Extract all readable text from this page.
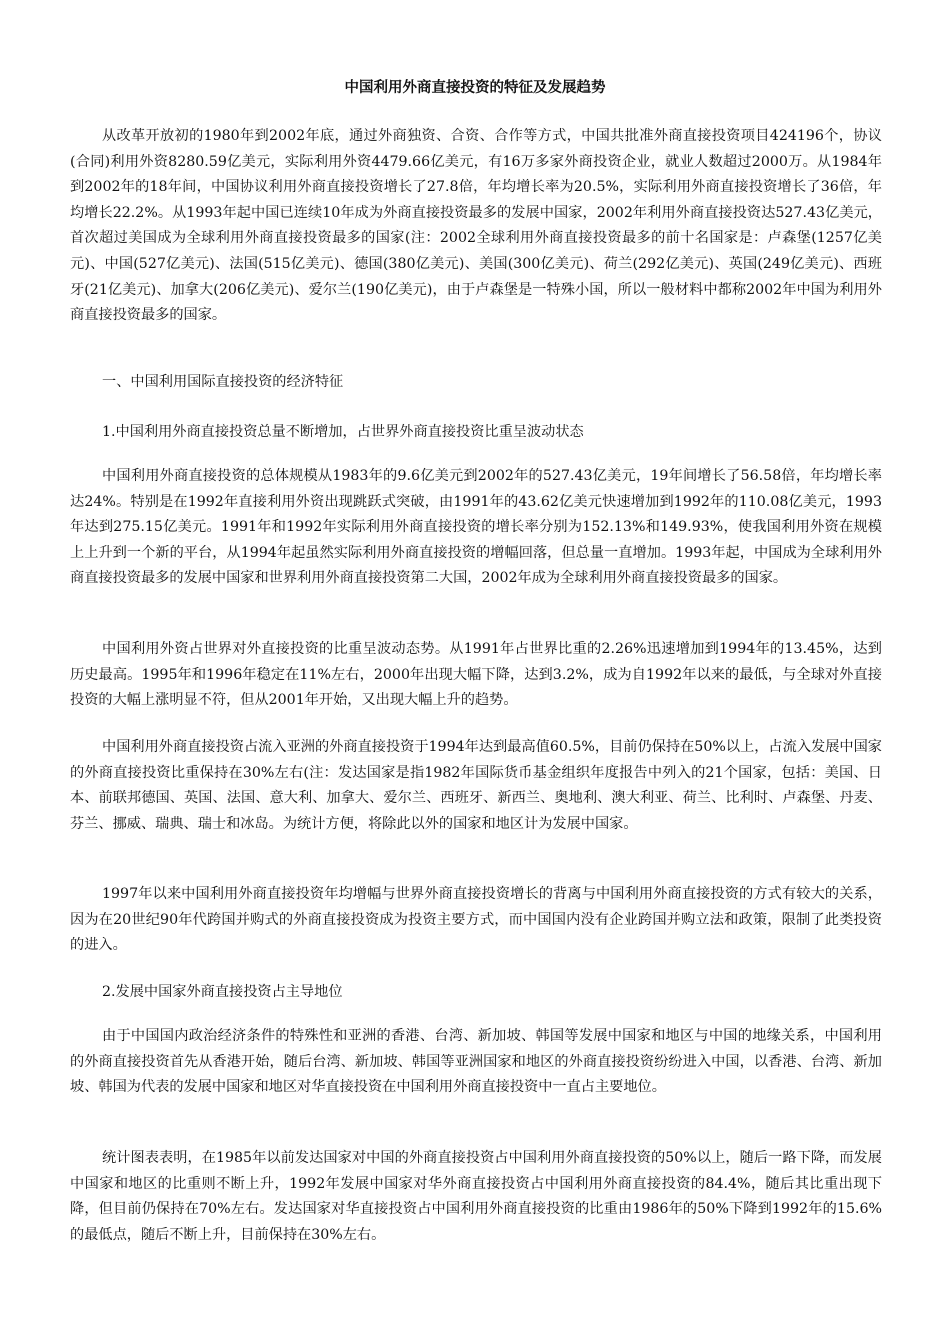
中国利用外商直接投资的特征及发展趋势

从改革开放初的1980年到2002年底，通过外商独资、合资、合作等方式，中国共批准外商直接投资项目424196个，协议(合同)利用外资8280.59亿美元，实际利用外资4479.66亿美元，有16万多家外商投资企业，就业人数超过2000万。从1984年到2002年的18年间，中国协议利用外商直接投资增长了27.8倍，年均增长率为20.5%，实际利用外商直接投资增长了36倍，年均增长22.2%。从1993年起中国已连续10年成为外商直接投资最多的发展中国家，2002年利用外商直接投资达527.43亿美元，首次超过美国成为全球利用外商直接投资最多的国家(注：2002全球利用外商直接投资最多的前十名国家是：卢森堡(1257亿美元)、中国(527亿美元)、法国(515亿美元)、德国(380亿美元)、美国(300亿美元)、荷兰(292亿美元)、英国(249亿美元)、西班牙(21亿美元)、加拿大(206亿美元)、爱尔兰(190亿美元)，由于卢森堡是一特殊小国，所以一般材料中都称2002年中国为利用外商直接投资最多的国家。

一、中国利用国际直接投资的经济特征
1.中国利用外商直接投资总量不断增加，占世界外商直接投资比重呈波动状态

中国利用外商直接投资的总体规模从1983年的9.6亿美元到2002年的527.43亿美元，19年间增长了56.58倍，年均增长率达24%。特别是在1992年直接利用外资出现跳跃式突破，由1991年的43.62亿美元快速增加到1992年的110.08亿美元，1993年达到275.15亿美元。1991年和1992年实际利用外商直接投资的增长率分别为152.13%和149.93%，使我国利用外资在规模上上升到一个新的平台，从1994年起虽然实际利用外商直接投资的增幅回落，但总量一直增加。1993年起，中国成为全球利用外商直接投资最多的发展中国家和世界利用外商直接投资第二大国，2002年成为全球利用外商直接投资最多的国家。

中国利用外资占世界对外直接投资的比重呈波动态势。从1991年占世界比重的2.26%迅速增加到1994年的13.45%，达到历史最高。1995年和1996年稳定在11%左右，2000年出现大幅下降，达到3.2%，成为自1992年以来的最低，与全球对外直接投资的大幅上涨明显不符，但从2001年开始，又出现大幅上升的趋势。

中国利用外商直接投资占流入亚洲的外商直接投资于1994年达到最高值60.5%，目前仍保持在50%以上，占流入发展中国家的外商直接投资比重保持在30%左右(注：发达国家是指1982年国际货币基金组织年度报告中列入的21个国家，包括：美国、日本、前联邦德国、英国、法国、意大利、加拿大、爱尔兰、西班牙、新西兰、奥地利、澳大利亚、荷兰、比利时、卢森堡、丹麦、芬兰、挪威、瑞典、瑞士和冰岛。为统计方便，将除此以外的国家和地区计为发展中国家。

1997年以来中国利用外商直接投资年均增幅与世界外商直接投资增长的背离与中国利用外商直接投资的方式有较大的关系，因为在20世纪90年代跨国并购式的外商直接投资成为投资主要方式，而中国国内没有企业跨国并购立法和政策，限制了此类投资的进入。

2.发展中国家外商直接投资占主导地位

由于中国国内政治经济条件的特殊性和亚洲的香港、台湾、新加坡、韩国等发展中国家和地区与中国的地缘关系，中国利用的外商直接投资首先从香港开始，随后台湾、新加坡、韩国等亚洲国家和地区的外商直接投资纷纷进入中国，以香港、台湾、新加坡、韩国为代表的发展中国家和地区对华直接投资在中国利用外商直接投资中一直占主要地位。

统计图表表明，在1985年以前发达国家对中国的外商直接投资占中国利用外商直接投资的50%以上，随后一路下降，而发展中国家和地区的比重则不断上升，1992年发展中国家对华外商直接投资占中国利用外商直接投资的84.4%，随后其比重出现下降，但目前仍保持在70%左右。发达国家对华直接投资占中国利用外商直接投资的比重由1986年的50%下降到1992年的15.6%的最低点，随后不断上升，目前保持在30%左右。
